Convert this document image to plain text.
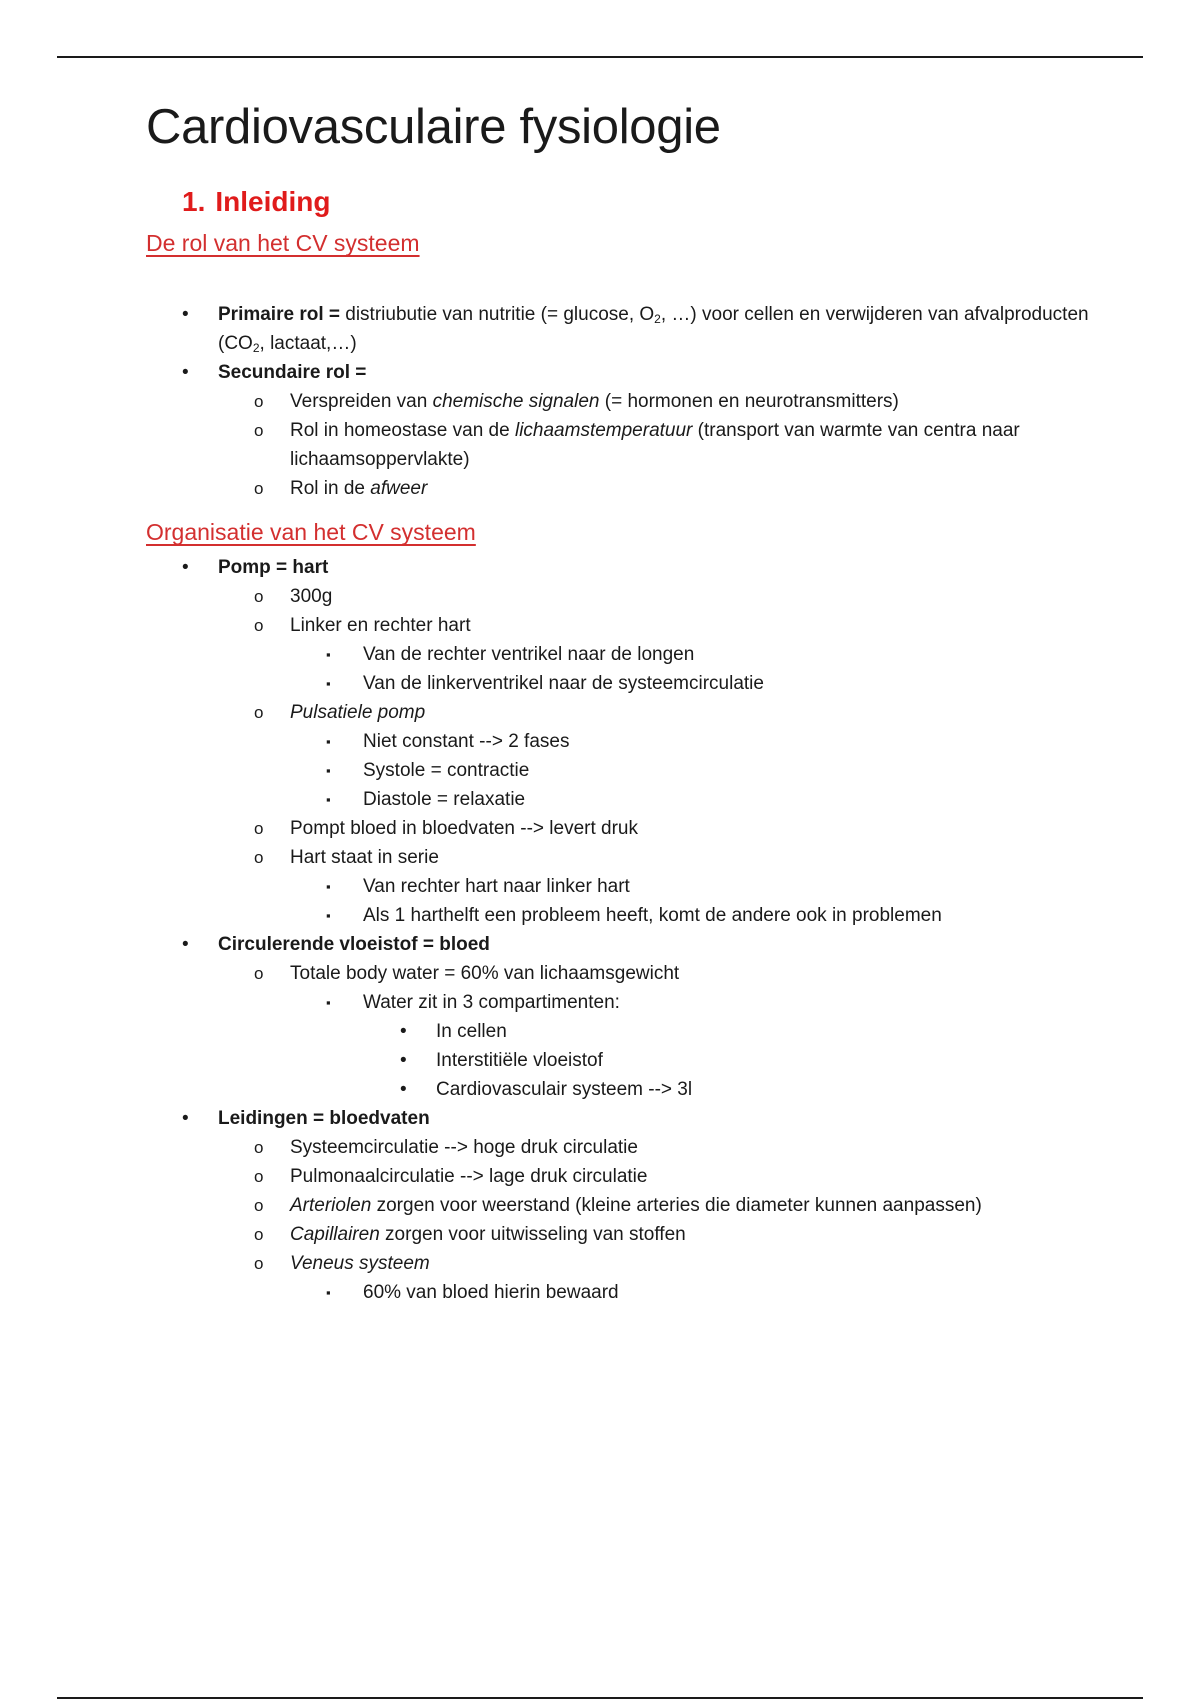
Cardiovasculaire fysiologie
1. Inleiding
De rol van het CV systeem
• Primaire rol = distriubutie van nutritie (= glucose, $O_2$, …) voor cellen en verwijderen van afvalproducten ($CO_2$, lactaat,…)
• Secundaire rol =
o Verspreiden van chemische signalen (= hormonen en neurotransmitters)
o Rol in homeostase van de lichaamstemperatuur (transport van warmte van centra naar lichaamsoppervlakte)
o Rol in de afweer
Organisatie van het CV systeem
• Pomp = hart
o 300g
o Linker en rechter hart
▪ Van de rechter ventrikel naar de longen
▪ Van de linkerventrikel naar de systeemcirculatie
o Pulsatiele pomp
▪ Niet constant --> 2 fases
▪ Systole = contractie
▪ Diastole = relaxatie
o Pompt bloed in bloedvaten --> levert druk
o Hart staat in serie
▪ Van rechter hart naar linker hart
▪ Als 1 harthelft een probleem heeft, komt de andere ook in problemen
• Circulerende vloeistof = bloed
o Totale body water = 60% van lichaamsgewicht
▪ Water zit in 3 compartimenten:
• In cellen
• Interstitiële vloeistof
• Cardiovasculair systeem --> 3l
• Leidingen = bloedvaten
o Systeemcirculatie --> hoge druk circulatie
o Pulmonaalcirculatie --> lage druk circulatie
o Arteriolen zorgen voor weerstand (kleine arteries die diameter kunnen aanpassen)
o Capillairen zorgen voor uitwisseling van stoffen
o Veneus systeem
▪ 60% van bloed hierin bewaard
